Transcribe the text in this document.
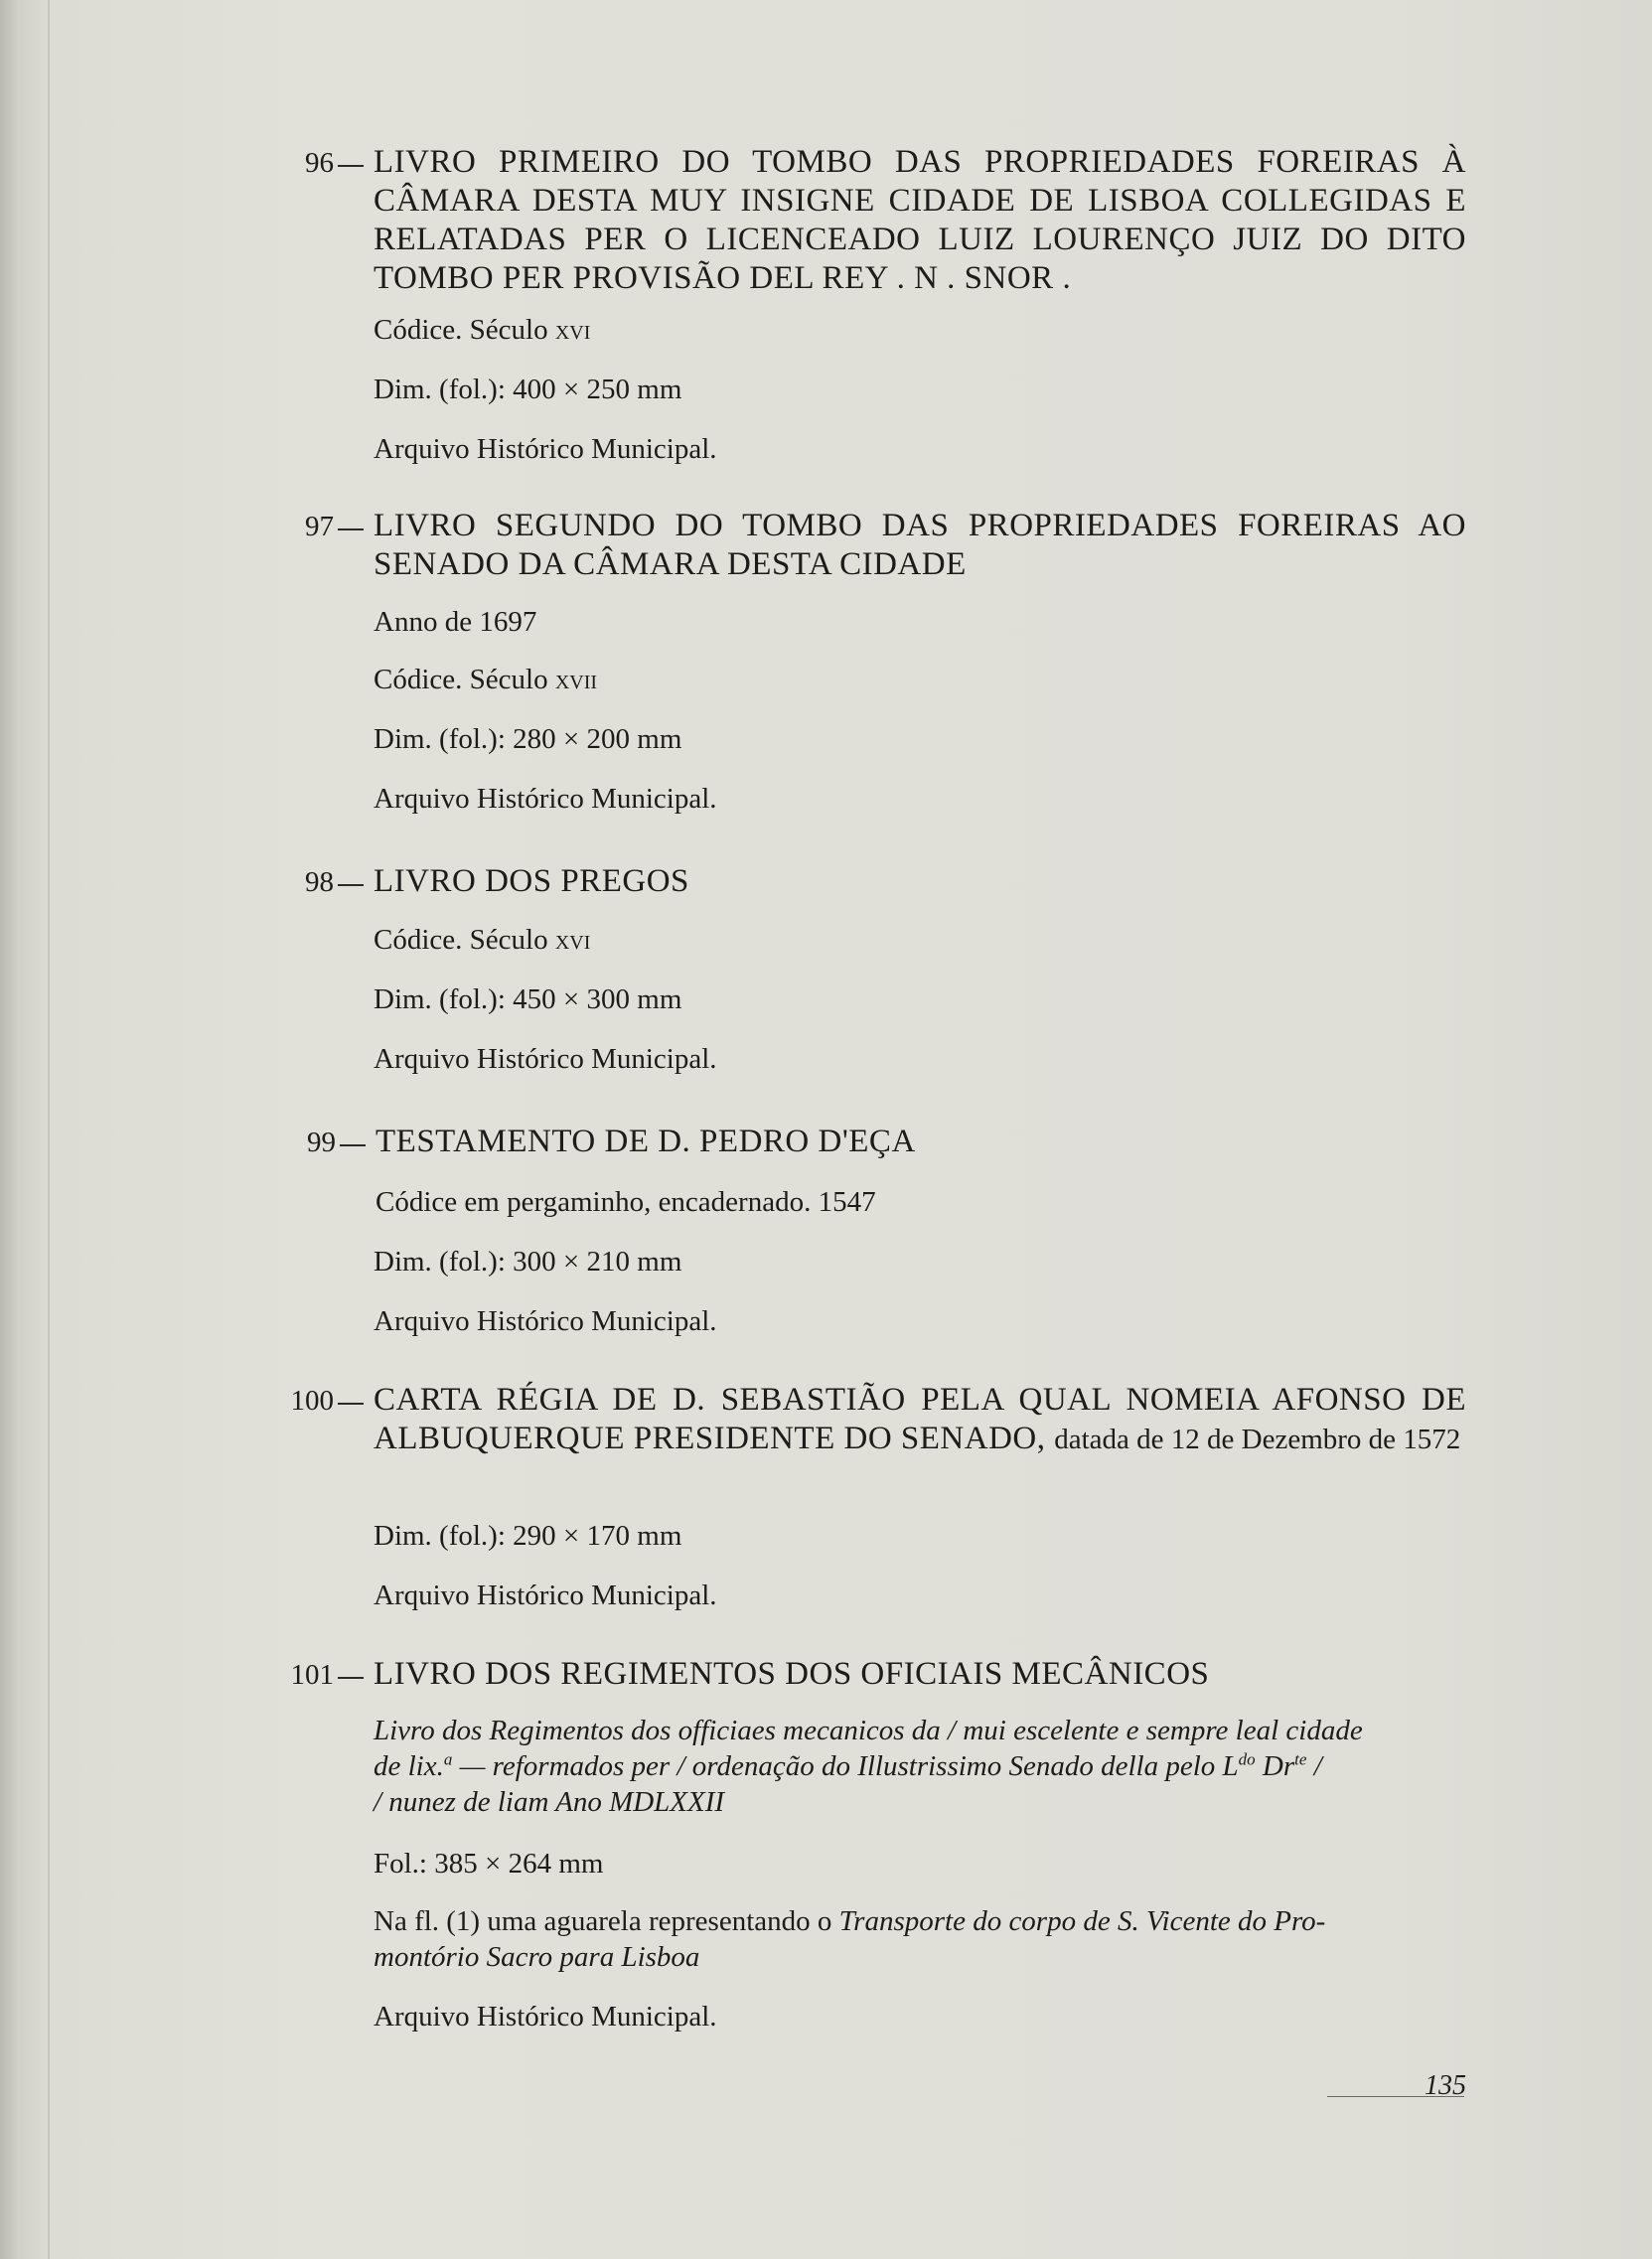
96 LIVRO PRIMEIRO DO TOMBO DAS PROPRIEDADES FOREIRAS À CÂMARA DESTA MUY INSIGNE CIDADE DE LISBOA COLLEGIDAS E RELATADAS PER O LICENCEADO LUIZ LOURENÇO JUIZ DO DITO TOMBO PER PROVISÃO DEL REY . N . SNOR .
Códice. Século xvi
Dim. (fol.): 400 × 250 mm
Arquivo Histórico Municipal.
97 LIVRO SEGUNDO DO TOMBO DAS PROPRIEDADES FOREIRAS AO SENADO DA CÂMARA DESTA CIDADE
Anno de 1697
Códice. Século xvii
Dim. (fol.): 280 × 200 mm
Arquivo Histórico Municipal.
98 LIVRO DOS PREGOS
Códice. Século xvi
Dim. (fol.): 450 × 300 mm
Arquivo Histórico Municipal.
99 TESTAMENTO DE D. PEDRO D'EÇA
Códice em pergaminho, encadernado. 1547
Dim. (fol.): 300 × 210 mm
Arquivo Histórico Municipal.
100 CARTA RÉGIA DE D. SEBASTIÃO PELA QUAL NOMEIA AFONSO DE ALBUQUERQUE PRESIDENTE DO SENADO, datada de 12 de Dezembro de 1572
Dim. (fol.): 290 × 170 mm
Arquivo Histórico Municipal.
101 LIVRO DOS REGIMENTOS DOS OFICIAIS MECÂNICOS
Livro dos Regimentos dos officiaes mecanicos da / mui escelente e sempre leal cidade
de lix.$^a$ — reformados per / ordenação do Illustrissimo Senado della pelo $L^{do}$ $Dr^{te}$ /
/ nunez de liam Ano MDLXXII
Fol.: 385 × 264 mm
Na fl. (1) uma aguarela representando o Transporte do corpo de S. Vicente do Pro-
montório Sacro para Lisboa
Arquivo Histórico Municipal.
135
